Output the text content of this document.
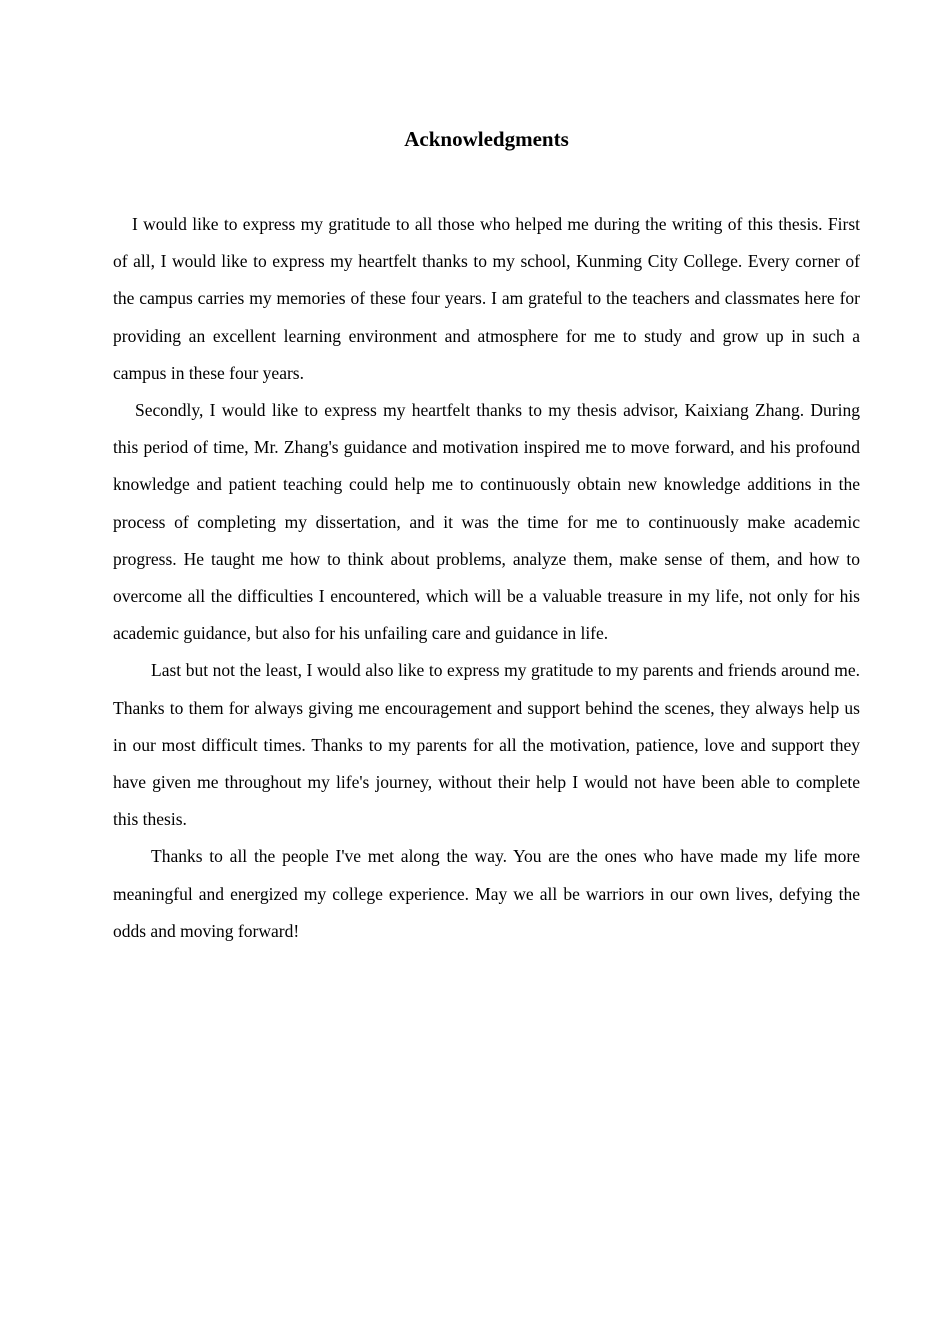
Acknowledgments

I would like to express my gratitude to all those who helped me during the writing of this thesis. First of all, I would like to express my heartfelt thanks to my school, Kunming City College. Every corner of the campus carries my memories of these four years. I am grateful to the teachers and classmates here for providing an excellent learning environment and atmosphere for me to study and grow up in such a campus in these four years.

Secondly, I would like to express my heartfelt thanks to my thesis advisor, Kaixiang Zhang. During this period of time, Mr. Zhang's guidance and motivation inspired me to move forward, and his profound knowledge and patient teaching could help me to continuously obtain new knowledge additions in the process of completing my dissertation, and it was the time for me to continuously make academic progress. He taught me how to think about problems, analyze them, make sense of them, and how to overcome all the difficulties I encountered, which will be a valuable treasure in my life, not only for his academic guidance, but also for his unfailing care and guidance in life.

Last but not the least, I would also like to express my gratitude to my parents and friends around me. Thanks to them for always giving me encouragement and support behind the scenes, they always help us in our most difficult times. Thanks to my parents for all the motivation, patience, love and support they have given me throughout my life's journey, without their help I would not have been able to complete this thesis.

Thanks to all the people I've met along the way. You are the ones who have made my life more meaningful and energized my college experience. May we all be warriors in our own lives, defying the odds and moving forward!
